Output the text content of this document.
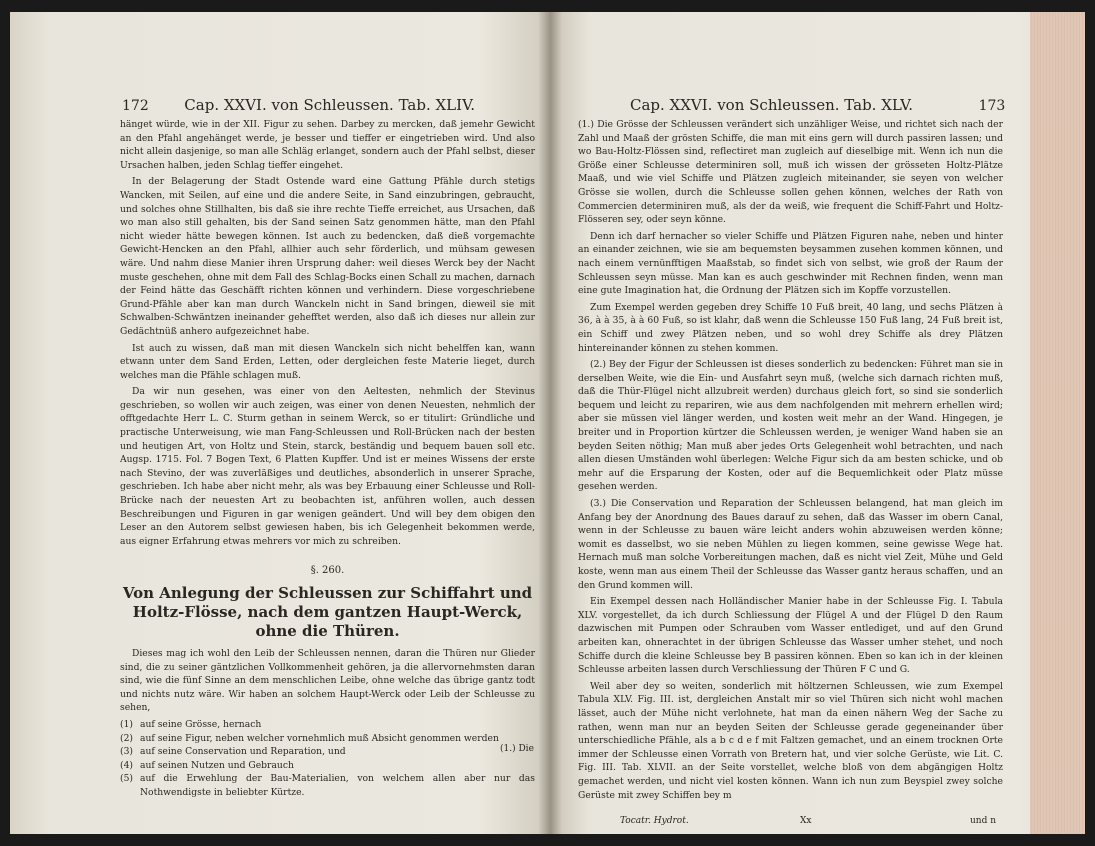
172 Cap. XXVI. von Schleussen. Tab. XLIV.

hänget würde, wie in der XII. Figur zu sehen. Darbey zu mercken, daß jemehr Gewicht an den Pfahl angehänget werde, je besser und tieffer er eingetrieben wird. Und also nicht allein dasjenige, so man alle Schläg erlanget, sondern auch der Pfahl selbst, dieser Ursachen halben, jeden Schlag tieffer eingehet.

In der Belagerung der Stadt Ostende ward eine Gattung Pfähle durch stetigs Wancken, mit Seilen, auf eine und die andere Seite, in Sand einzubringen, gebraucht, und solches ohne Stillhalten, bis daß sie ihre rechte Tieffe erreichet, aus Ursachen, daß wo man also still gehalten, bis der Sand seinen Satz genommen hätte, man den Pfahl nicht wieder hätte bewegen können. Ist auch zu bedencken, daß dieß vorgemachte Gewicht-Hencken an den Pfahl, allhier auch sehr förderlich, und mühsam gewesen wäre. Und nahm diese Manier ihren Ursprung daher: weil dieses Werck bey der Nacht muste geschehen, ohne mit dem Fall des Schlag-Bocks einen Schall zu machen, darnach der Feind hätte das Geschäfft richten können und verhindern. Diese vorgeschriebene Grund-Pfähle aber kan man durch Wanckeln nicht in Sand bringen, dieweil sie mit Schwalben-Schwäntzen ineinander gehefftet werden, also daß ich dieses nur allein zur Gedächtnüß anhero aufgezeichnet habe.

Ist auch zu wissen, daß man mit diesen Wanckeln sich nicht behelffen kan, wann etwann unter dem Sand Erden, Letten, oder dergleichen feste Materie lieget, durch welches man die Pfähle schlagen muß.

Da wir nun gesehen, was einer von den Aeltesten, nehmlich der Stevinus geschrieben, so wollen wir auch zeigen, was einer von denen Neuesten, nehmlich der offtgedachte Herr L. C. Sturm gethan in seinem Werck, so er titulirt: Gründliche und practische Unterweisung, wie man Fang-Schleussen und Roll-Brücken nach der besten und heutigen Art, von Holtz und Stein, starck, beständig und bequem bauen soll etc. Augsp. 1715. Fol. 7 Bogen Text, 6 Platten Kupffer. Und ist er meines Wissens der erste nach Stevino, der was zuverläßiges und deutliches, absonderlich in unserer Sprache, geschrieben. Ich habe aber nicht mehr, als was bey Erbauung einer Schleusse und Roll-Brücke nach der neuesten Art zu beobachten ist, anführen wollen, auch dessen Beschreibungen und Figuren in gar wenigen geändert. Und will bey dem obigen den Leser an den Autorem selbst gewiesen haben, bis ich Gelegenheit bekommen werde, aus eigner Erfahrung etwas mehrers vor mich zu schreiben.

§. 260.
Von Anlegung der Schleussen zur Schiffahrt und Holtz-Flösse, nach dem gantzen Haupt-Werck, ohne die Thüren.

Dieses mag ich wohl den Leib der Schleussen nennen, daran die Thüren nur Glieder sind, die zu seiner gäntzlichen Vollkommenheit gehören, ja die allervornehmsten daran sind, wie die fünf Sinne an dem menschlichen Leibe, ohne welche das übrige gantz todt und nichts nutz wäre. Wir haben an solchem Haupt-Werck oder Leib der Schleusse zu sehen,

(1) auf seine Grösse, hernach
(2) auf seine Figur, neben welcher vornehmlich muß Absicht genommen werden
(3) auf seine Conservation und Reparation, und
(4) auf seinen Nutzen und Gebrauch
(5) auf die Erwehlung der Bau-Materialien, von welchem allen aber nur das Nothwendigste in beliebter Kürtze.
(1.) Die
Cap. XXVI. von Schleussen. Tab. XLV.	173

(1.) Die Grösse der Schleussen verändert sich unzähliger Weise, und richtet sich nach der Zahl und Maaß der grösten Schiffe, die man mit eins gern will durch passiren lassen; und wo Bau-Holtz-Flössen sind, reflectiret man zugleich auf dieselbige mit. Wenn ich nun die Größe einer Schleusse determiniren soll, muß ich wissen der grösseten Holtz-Plätze Maaß, und wie viel Schiffe und Plätzen zugleich miteinander, sie seyen von welcher Grösse sie wollen, durch die Schleusse sollen gehen können, welches der Rath von Commercien determiniren muß, als der da weiß, wie frequent die Schiff-Fahrt und Holtz-Flösseren sey, oder seyn könne.

Denn ich darf hernacher so vieler Schiffe und Plätzen Figuren nahe, neben und hinter an einander zeichnen, wie sie am bequemsten beysammen zusehen kommen können, und nach einem vernünfftigen Maaßstab, so findet sich von selbst, wie groß der Raum der Schleussen seyn müsse. Man kan es auch geschwinder mit Rechnen finden, wenn man eine gute Imagination hat, die Ordnung der Plätzen sich im Kopffe vorzustellen.

Zum Exempel werden gegeben drey Schiffe 10 Fuß breit, 40 lang, und sechs Plätzen à 36, à à 35, à à 60 Fuß, so ist klahr, daß wenn die Schleusse 150 Fuß lang, 24 Fuß breit ist, ein Schiff und zwey Plätzen neben, und so wohl drey Schiffe als drey Plätzen hintereinander können zu stehen kommen.

(2.) Bey der Figur der Schleussen ist dieses sonderlich zu bedencken: Führet man sie in derselben Weite, wie die Ein- und Ausfahrt seyn muß, (welche sich darnach richten muß, daß die Thür-Flügel nicht allzubreit werden) durchaus gleich fort, so sind sie sonderlich bequem und leicht zu repariren, wie aus dem nachfolgenden mit mehrern erhellen wird; aber sie müssen viel länger werden, und kosten weit mehr an der Wand. Hingegen, je breiter und in Proportion kürtzer die Schleussen werden, je weniger Wand haben sie an beyden Seiten nöthig; Man muß aber jedes Orts Gelegenheit wohl betrachten, und nach allen diesen Umständen wohl überlegen: Welche Figur sich da am besten schicke, und ob mehr auf die Ersparung der Kosten, oder auf die Bequemlichkeit oder Platz müsse gesehen werden.

(3.) Die Conservation und Reparation der Schleussen belangend, hat man gleich im Anfang bey der Anordnung des Baues darauf zu sehen, daß das Wasser im obern Canal, wenn in der Schleusse zu bauen wäre leicht anders wohin abzuweisen werden könne; womit es dasselbst, wo sie neben Mühlen zu liegen kommen, seine gewisse Wege hat. Hernach muß man solche Vorbereitungen machen, daß es nicht viel Zeit, Mühe und Geld koste, wenn man aus einem Theil der Schleusse das Wasser gantz heraus schaffen, und an den Grund kommen will.

Ein Exempel dessen nach Holländischer Manier habe in der Schleusse Fig. I. Tabula XLV. vorgestellet, da ich durch Schliessung der Flügel A und der Flügel D den Raum dazwischen mit Pumpen oder Schrauben vom Wasser entlediget, und auf den Grund arbeiten kan, ohnerachtet in der übrigen Schleusse das Wasser umher stehet, und noch Schiffe durch die kleine Schleusse bey B passiren können. Eben so kan ich in der kleinen Schleusse arbeiten lassen durch Verschliessung der Thüren F C und G.

Weil aber dey so weiten, sonderlich mit höltzernen Schleussen, wie zum Exempel Tabula XLV. Fig. III. ist, dergleichen Anstalt mir so viel Thüren sich nicht wohl machen lässet, auch der Mühe nicht verlohnete, hat man da einen nähern Weg der Sache zu rathen, wenn man nur an beyden Seiten der Schleusse gerade gegeneinander über unterschiedliche Pfähle, als a b c d e f mit Faltzen gemachet, und an einem trocknen Orte immer der Schleusse einen Vorrath von Bretern hat, und vier solche Gerüste, wie Lit. C. Fig. III. Tab. XLVII. an der Seite vorstellet, welche bloß von dem abgängigen Holtz gemachet werden, und nicht viel kosten können. Wann ich nun zum Beyspiel zwey solche Gerüste mit zwey Schiffen bey m

Tocatr. Hydrot.	Xx	und n
